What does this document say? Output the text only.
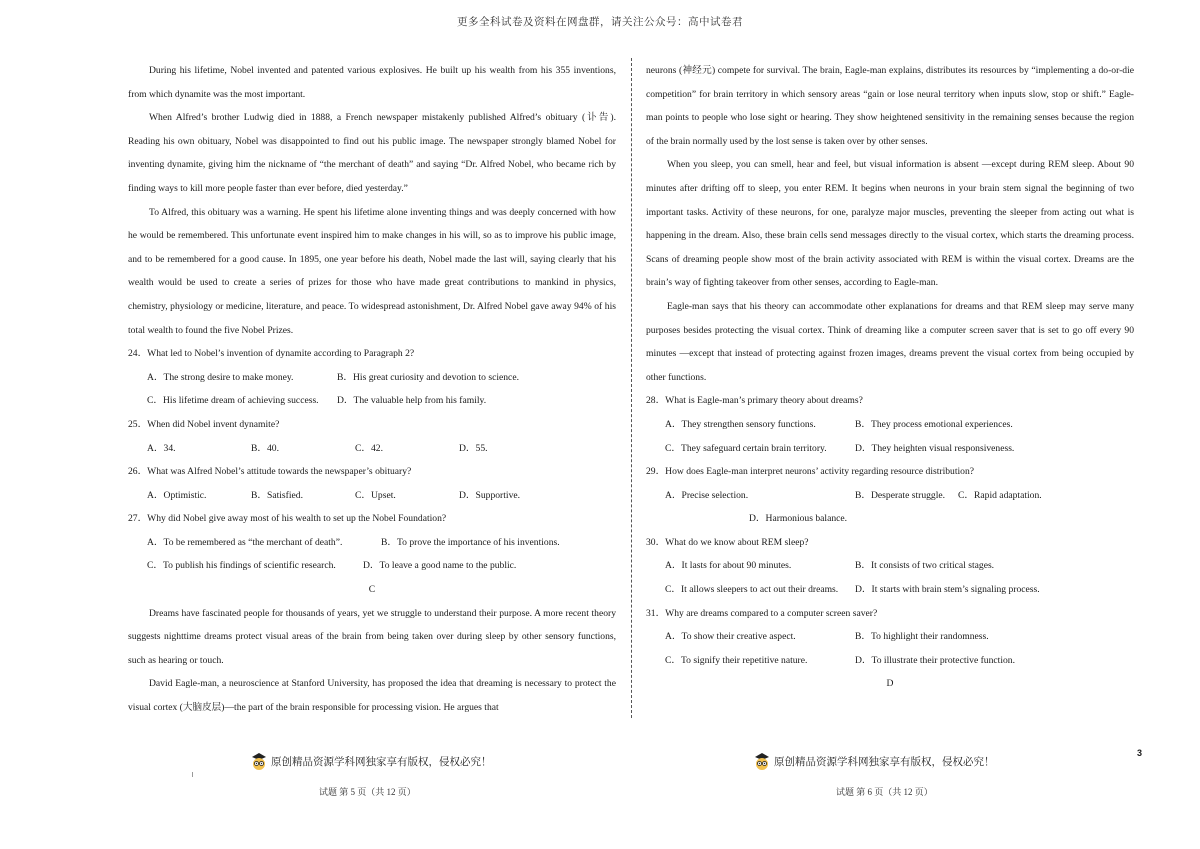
更多全科试卷及资料在网盘群，请关注公众号：高中试卷君

During his lifetime, Nobel invented and patented various explosives. He built up his wealth from his 355 inventions, from which dynamite was the most important.

When Alfred’s brother Ludwig died in 1888, a French newspaper mistakenly published Alfred’s obituary (讣告). Reading his own obituary, Nobel was disappointed to find out his public image. The newspaper strongly blamed Nobel for inventing dynamite, giving him the nickname of “the merchant of death” and saying “Dr. Alfred Nobel, who became rich by finding ways to kill more people faster than ever before, died yesterday.”

To Alfred, this obituary was a warning. He spent his lifetime alone inventing things and was deeply concerned with how he would be remembered. This unfortunate event inspired him to make changes in his will, so as to improve his public image, and to be remembered for a good cause. In 1895, one year before his death, Nobel made the last will, saying clearly that his wealth would be used to create a series of prizes for those who have made great contributions to mankind in physics, chemistry, physiology or medicine, literature, and peace. To widespread astonishment, Dr. Alfred Nobel gave away 94% of his total wealth to found the five Nobel Prizes.

24．What led to Nobel’s invention of dynamite according to Paragraph 2?

A．The strong desire to make money.	B．His great curiosity and devotion to science.
C．His lifetime dream of achieving success.	D．The valuable help from his family.

25．When did Nobel invent dynamite?

A．34.	B．40.	C．42.	D．55.

26．What was Alfred Nobel’s attitude towards the newspaper’s obituary?

A．Optimistic.	B．Satisfied.	C．Upset.	D．Supportive.

27．Why did Nobel give away most of his wealth to set up the Nobel Foundation?

A．To be remembered as “the merchant of death”.	B．To prove the importance of his inventions.
C．To publish his findings of scientific research.	D．To leave a good name to the public.

C

Dreams have fascinated people for thousands of years, yet we struggle to understand their purpose. A more recent theory suggests nighttime dreams protect visual areas of the brain from being taken over during sleep by other sensory functions, such as hearing or touch.

David Eagle-man, a neuroscience at Stanford University, has proposed the idea that dreaming is necessary to protect the visual cortex (大脑皮层)—the part of the brain responsible for processing vision. He argues that

neurons (神经元) compete for survival. The brain, Eagle-man explains, distributes its resources by “implementing a do-or-die competition” for brain territory in which sensory areas “gain or lose neural territory when inputs slow, stop or shift.” Eagle-man points to people who lose sight or hearing. They show heightened sensitivity in the remaining senses because the region of the brain normally used by the lost sense is taken over by other senses.

When you sleep, you can smell, hear and feel, but visual information is absent —except during REM sleep. About 90 minutes after drifting off to sleep, you enter REM. It begins when neurons in your brain stem signal the beginning of two important tasks. Activity of these neurons, for one, paralyze major muscles, preventing the sleeper from acting out what is happening in the dream. Also, these brain cells send messages directly to the visual cortex, which starts the dreaming process. Scans of dreaming people show most of the brain activity associated with REM is within the visual cortex. Dreams are the brain’s way of fighting takeover from other senses, according to Eagle-man.

Eagle-man says that his theory can accommodate other explanations for dreams and that REM sleep may serve many purposes besides protecting the visual cortex. Think of dreaming like a computer screen saver that is set to go off every 90 minutes —except that instead of protecting against frozen images, dreams prevent the visual cortex from being occupied by other functions.

28．What is Eagle-man’s primary theory about dreams?

A．They strengthen sensory functions.	B．They process emotional experiences.
C．They safeguard certain brain territory.	D．They heighten visual responsiveness.

29．How does Eagle-man interpret neurons’ activity regarding resource distribution?

A．Precise selection.	B．Desperate struggle.	C．Rapid adaptation.
D．Harmonious balance.

30．What do we know about REM sleep?

A．It lasts for about 90 minutes.	B．It consists of two critical stages.
C．It allows sleepers to act out their dreams.	D．It starts with brain stem’s signaling process.

31．Why are dreams compared to a computer screen saver?

A．To show their creative aspect.	B．To highlight their randomness.
C．To signify their repetitive nature.	D．To illustrate their protective function.

D

原创精品资源学科网独家享有版权，侵权必究！	原创精品资源学科网独家享有版权，侵权必究！
试题 第 5 页（共 12 页）	试题 第 6 页（共 12 页）
3
